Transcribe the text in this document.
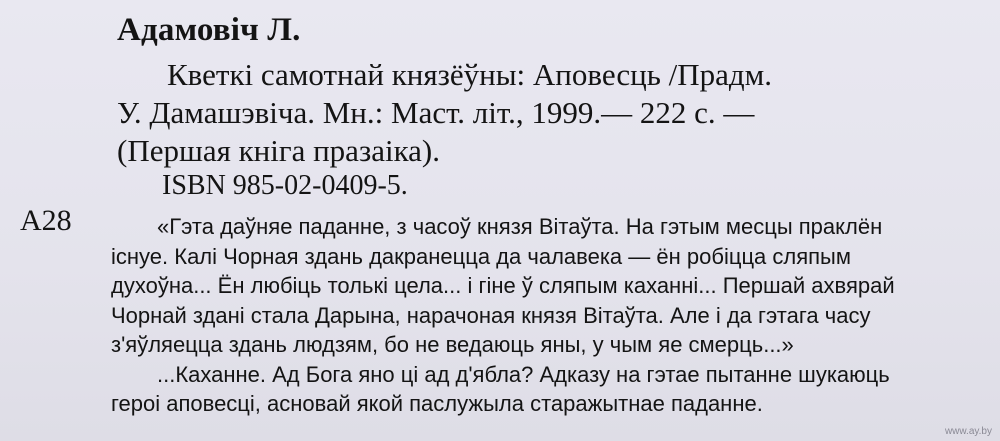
Адамовіч Л.
Кветкі самотнай князёўны: Аповесць /Прадм.
У. Дамашэвіча. Мн.: Маст. літ., 1999.— 222 с. —
(Першая кніга празаіка).
ISBN 985-02-0409-5.
A28	«Гэта даўняе паданне, з часоў князя Вітаўта. На гэтым месцы праклён
існуе. Калі Чорная здань дакранецца да чалавека — ён робіцца сляпым
духоўна... Ён любіць толькі цела... і гіне ў сляпым каханні... Першай ахвярай
Чорнай здані стала Дарына, нарачоная князя Вітаўта. Але і да гэтага часу
з'яўляецца здань людзям, бо не ведаюць яны, у чым яе смерць...»
...Каханне. Ад Бога яно ці ад д'ябла? Адказу на гэтае пытанне шукаюць
героі аповесці, асновай якой паслужыла старажытнае паданне.
www.ay.by
